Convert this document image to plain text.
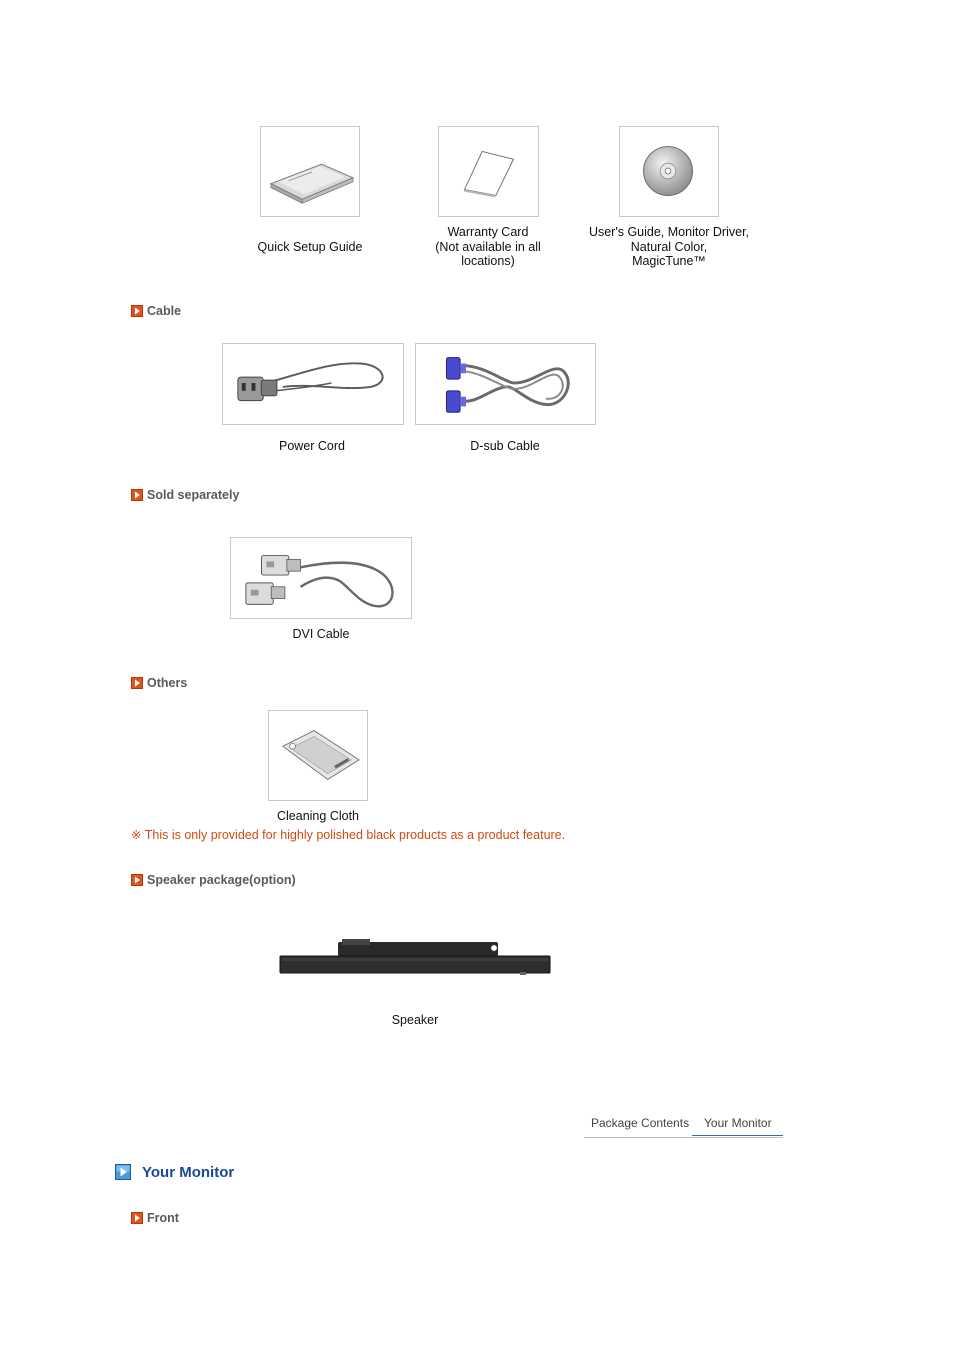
Quick Setup Guide
Warranty Card
(Not available in all
locations)
User's Guide, Monitor Driver,
Natural Color,
MagicTune™
Cable
Power Cord	D-sub Cable
Sold separately
DVI Cable
Others
Cleaning Cloth
※ This is only provided for highly polished black products as a product feature.
Speaker package(option)
Speaker
Package Contents	Your Monitor
Your Monitor
Front
